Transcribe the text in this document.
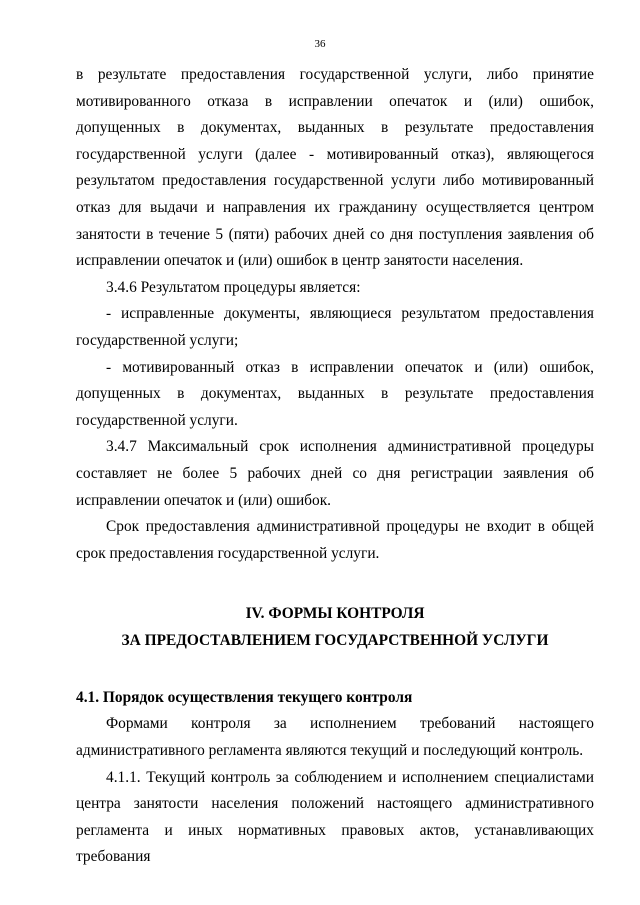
36

в результате предоставления государственной услуги, либо принятие мотивированного отказа в исправлении опечаток и (или) ошибок, допущенных в документах, выданных в результате предоставления государственной услуги (далее - мотивированный отказ), являющегося результатом предоставления государственной услуги либо мотивированный отказ для выдачи и направления их гражданину осуществляется центром занятости в течение 5 (пяти) рабочих дней со дня поступления заявления об исправлении опечаток и (или) ошибок в центр занятости населения.

3.4.6 Результатом процедуры является:

- исправленные документы, являющиеся результатом предоставления государственной услуги;

- мотивированный отказ в исправлении опечаток и (или) ошибок, допущенных в документах, выданных в результате предоставления государственной услуги.

3.4.7 Максимальный срок исполнения административной процедуры составляет не более 5 рабочих дней со дня регистрации заявления об исправлении опечаток и (или) ошибок.

Срок предоставления административной процедуры не входит в общей срок предоставления государственной услуги.

IV. ФОРМЫ КОНТРОЛЯ

ЗА ПРЕДОСТАВЛЕНИЕМ ГОСУДАРСТВЕННОЙ УСЛУГИ

4.1. Порядок осуществления текущего контроля

Формами контроля за исполнением требований настоящего административного регламента являются текущий и последующий контроль.

4.1.1. Текущий контроль за соблюдением и исполнением специалистами центра занятости населения положений настоящего административного регламента и иных нормативных правовых актов, устанавливающих требования
